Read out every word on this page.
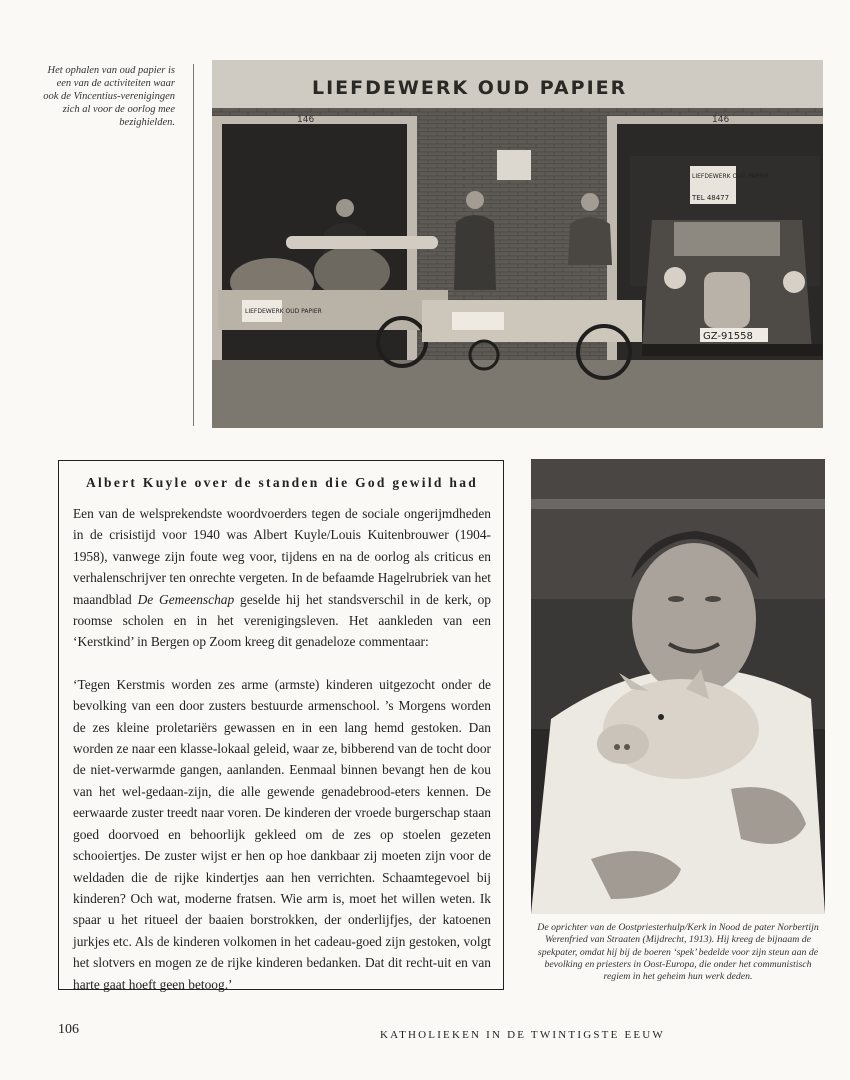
Het ophalen van oud papier is een van de activiteiten waar ook de Vincentius-verenigingen zich al voor de oorlog mee bezighielden.
LIEFDEWERK OUD PAPIER
146	146
LIEFDEWERK OUD PAPIER
LIEFDEWERK OUD PAPIER
TEL 48477
GZ-91558
Albert Kuyle over de standen die God gewild had

Een van de welsprekendste woordvoerders tegen de sociale ongerijmdheden in de crisistijd voor 1940 was Albert Kuyle/Louis Kuitenbrouwer (1904-1958), vanwege zijn foute weg voor, tijdens en na de oorlog als criticus en verhalenschrijver ten onrechte vergeten. In de befaamde Hagelrubriek van het maandblad De Gemeenschap geselde hij het standsverschil in de kerk, op roomse scholen en in het verenigingsleven. Het aankleden van een ‘Kerstkind’ in Bergen op Zoom kreeg dit genadeloze commentaar:

‘Tegen Kerstmis worden zes arme (armste) kinderen uitgezocht onder de bevolking van een door zusters bestuurde armenschool. ’s Morgens worden de zes kleine proletariërs gewassen en in een lang hemd gestoken. Dan worden ze naar een klasse-lokaal geleid, waar ze, bibberend van de tocht door de niet-verwarmde gangen, aanlanden. Eenmaal binnen bevangt hen de kou van het wel-gedaan-zijn, die alle gewende genadebrood-eters kennen. De eerwaarde zuster treedt naar voren. De kinderen der vroede burgerschap staan goed doorvoed en behoorlijk gekleed om de zes op stoelen gezeten schooiertjes. De zuster wijst er hen op hoe dankbaar zij moeten zijn voor de weldaden die de rijke kindertjes aan hen verrichten. Schaamtegevoel bij kinderen? Och wat, moderne fratsen. Wie arm is, moet het willen weten. Ik spaar u het ritueel der baaien borstrokken, der onderlijfjes, der katoenen jurkjes etc. Als de kinderen volkomen in het cadeau-goed zijn gestoken, volgt het slotvers en mogen ze de rijke kinderen bedanken. Dat dit recht-uit en van harte gaat hoeft geen betoog.’

De oprichter van de Oostpriesterhulp/Kerk in Nood de pater Norbertijn Werenfried van Straaten (Mijdrecht, 1913). Hij kreeg de bijnaam de spekpater, omdat hij bij de boeren ‘spek’ bedelde voor zijn steun aan de bevolking en priesters in Oost-Europa, die onder het communistisch regiem in het geheim hun werk deden.
106	KATHOLIEKEN IN DE TWINTIGSTE EEUW
